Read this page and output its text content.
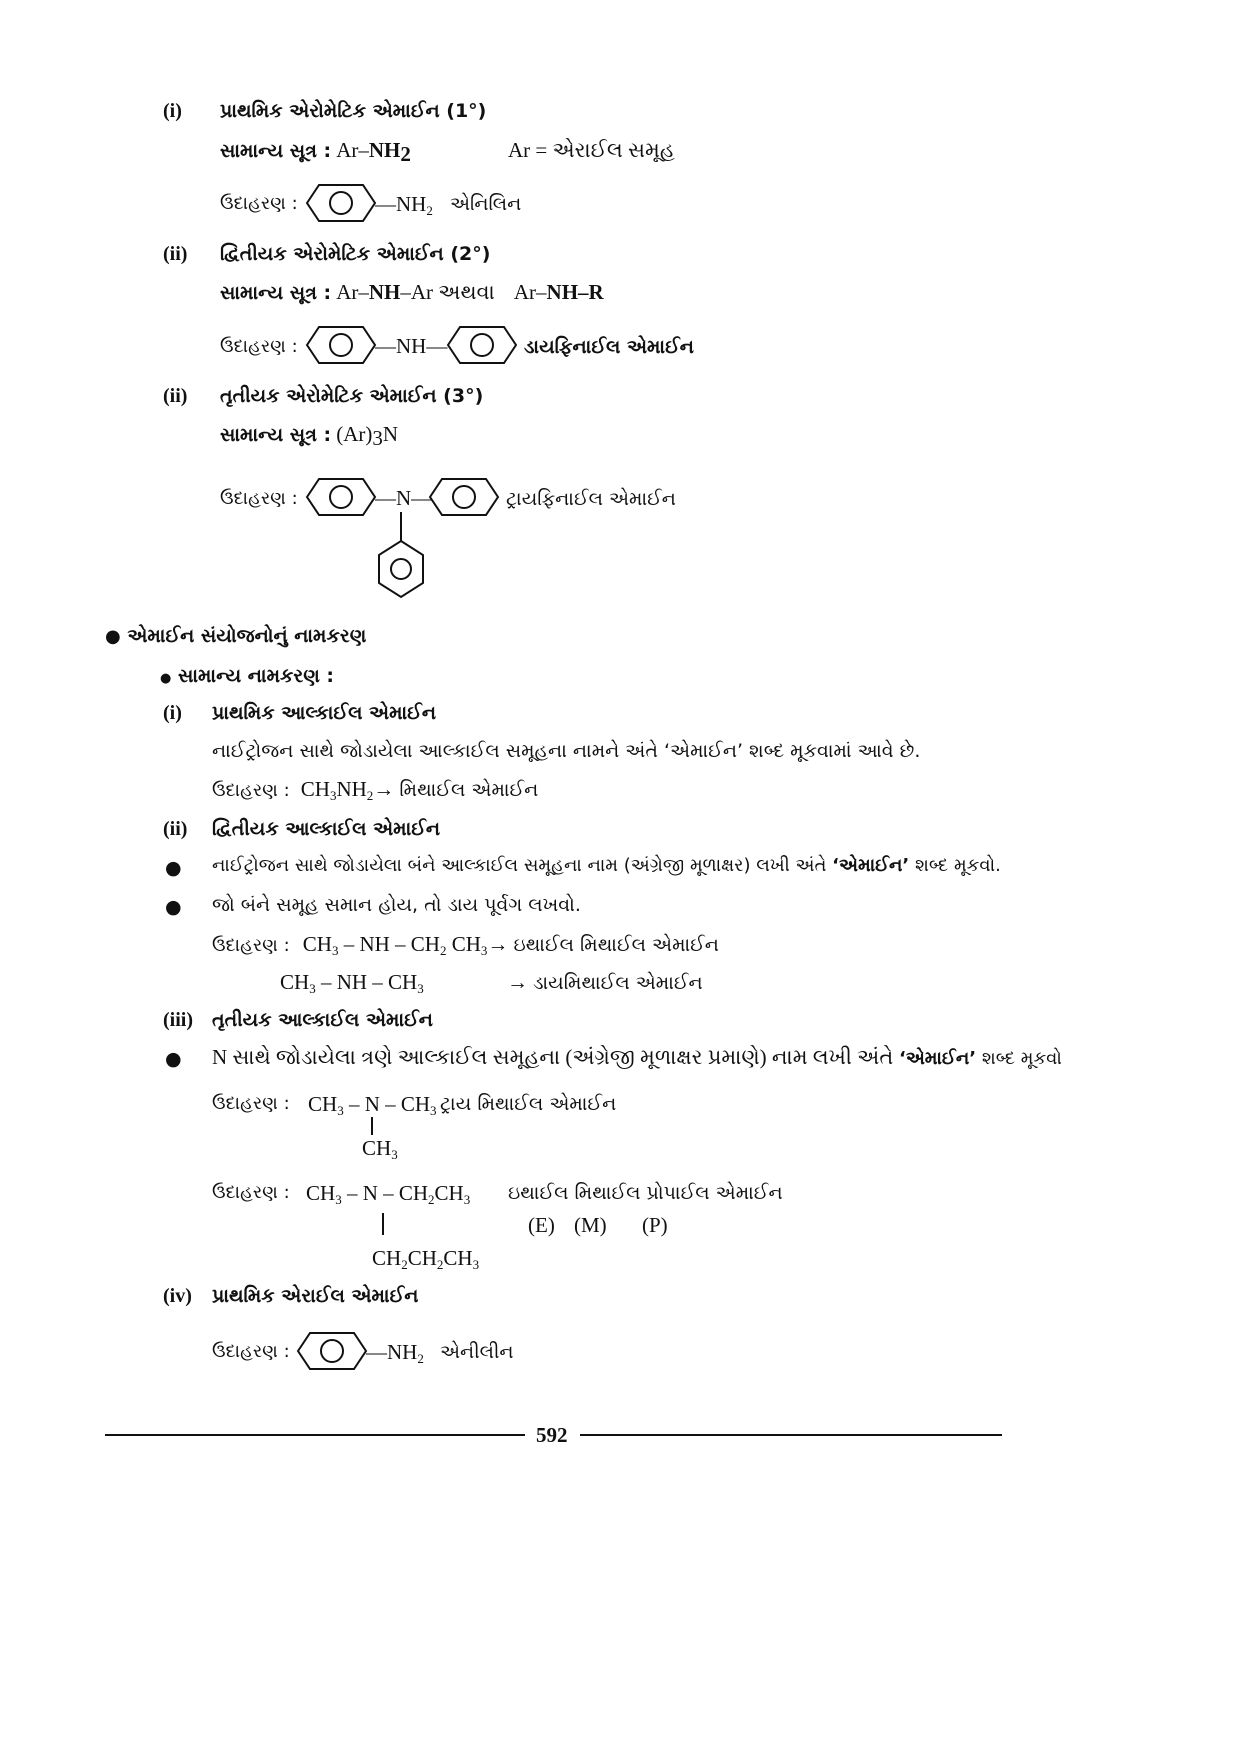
(i) પ્રાથમિક એરોમેટિક એમાઈન (1°)
સામાન્ય સૂત્ર : $Ar-NH_2$	Ar = એરાઈલ સમૂહ
ઉદાહરણ :	$—NH_2$ એનિલિન
(ii) દ્વિતીયક એરોમેટિક એમાઈન (2°)
સામાન્ય સૂત્ર : Ar–NH–Ar અથવા Ar–NH–R
ઉદાહરણ :	—NH—	ડાયફિનાઈલ એમાઈન
(ii) તૃતીયક એરોમેટિક એમાઈન (3°)
સામાન્ય સૂત્ર : $(Ar)_3N$
ઉદાહરણ :	—N—	ટ્રાયફિનાઈલ એમાઈન
● એમાઈન સંયોજનોનું નામકરણ
● સામાન્ય નામકરણ :
(i) પ્રાથમિક આલ્કાઈલ એમાઈન
નાઈટ્રોજન સાથે જોડાયેલા આલ્કાઈલ સમૂહના નામને અંતે ‘એમાઈન’ શબ્દ મૂકવામાં આવે છે.
ઉદાહરણ : $CH_3NH_2\to$ મિથાઈલ એમાઈન
(ii) દ્વિતીયક આલ્કાઈલ એમાઈન
● નાઈટ્રોજન સાથે જોડાયેલા બંને આલ્કાઈલ સમૂહના નામ (અંગ્રેજી મૂળાક્ષર) લખી અંતે ‘એમાઈન’ શબ્દ મૂકવો.
● જો બંને સમૂહ સમાન હોય, તો ડાય પૂર્વગ લખવો.
ઉદાહરણ : $CH_3$ – NH – $CH_2$ $CH_3\to$ ઇથાઈલ મિથાઈલ એમાઈન
$CH_3$ – NH – $CH_3$	→ ડાયમિથાઈલ એમાઈન
(iii) તૃતીયક આલ્કાઈલ એમાઈન
● N સાથે જોડાયેલા ત્રણે આલ્કાઈલ સમૂહના (અંગ્રેજી મૂળાક્ષર પ્રમાણે) નામ લખી અંતે ‘એમાઈન’ શબ્દ મૂકવો
ઉદાહરણ : $CH_3$ – N – $CH_3$ ટ્રાય મિથાઈલ એમાઈન
$CH_3$
ઉદાહરણ : $CH_3$ – N – $CH_2CH_3$ ઇથાઈલ મિથાઈલ પ્રોપાઈલ એમાઈન
(E) (M) (P)
$CH_2CH_2CH_3$
(iv) પ્રાથમિક એરાઈલ એમાઈન
ઉદાહરણ :	$—NH_2$ એનીલીન
592
